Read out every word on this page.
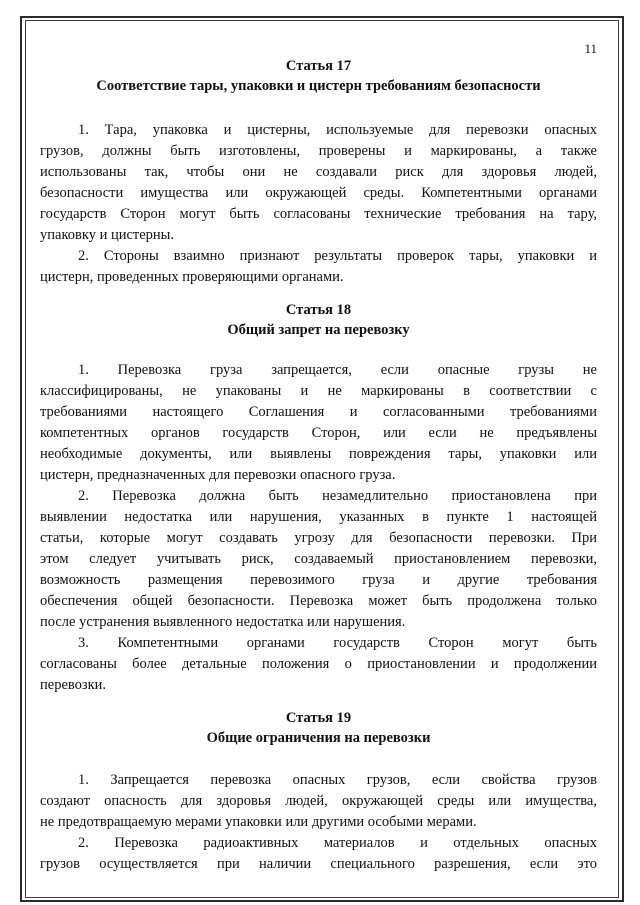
11
Статья 17
Соответствие тары, упаковки и цистерн требованиям безопасности
1. Тара, упаковка и цистерны, используемые для перевозки опасных
грузов, должны быть изготовлены, проверены и маркированы, а также
использованы так, чтобы они не создавали риск для здоровья людей,
безопасности имущества или окружающей среды. Компетентными органами
государств Сторон могут быть согласованы технические требования на тару,
упаковку и цистерны.
2. Стороны взаимно признают результаты проверок тары, упаковки и
цистерн, проведенных проверяющими органами.
Статья 18
Общий запрет на перевозку
1. Перевозка груза запрещается, если опасные грузы не
классифицированы, не упакованы и не маркированы в соответствии с
требованиями настоящего Соглашения и согласованными требованиями
компетентных органов государств Сторон, или если не предъявлены
необходимые документы, или выявлены повреждения тары, упаковки или
цистерн, предназначенных для перевозки опасного груза.
2. Перевозка должна быть незамедлительно приостановлена при
выявлении недостатка или нарушения, указанных в пункте 1 настоящей
статьи, которые могут создавать угрозу для безопасности перевозки. При
этом следует учитывать риск, создаваемый приостановлением перевозки,
возможность размещения перевозимого груза и другие требования
обеспечения общей безопасности. Перевозка может быть продолжена только
после устранения выявленного недостатка или нарушения.
3. Компетентными органами государств Сторон могут быть
согласованы более детальные положения о приостановлении и продолжении
перевозки.
Статья 19
Общие ограничения на перевозки
1. Запрещается перевозка опасных грузов, если свойства грузов
создают опасность для здоровья людей, окружающей среды или имущества,
не предотвращаемую мерами упаковки или другими особыми мерами.
2. Перевозка радиоактивных материалов и отдельных опасных
грузов осуществляется при наличии специального разрешения, если это
